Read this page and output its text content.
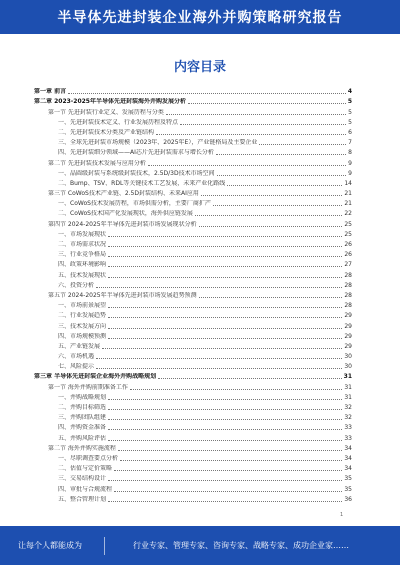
半导体先进封装企业海外并购策略研究报告
内容目录
第一章 前言	4
第二章 2023-2025年半导体先进封装海外并购发展分析	5
第一节 先进封装行业定义、发展历程与分类	5
一、先进封装技术定义、行业发展历程及特点	5
二、先进封装技术分类及产业链结构	6
三、全球先进封装市场规模（2023年、2025年E），产业链格局及主要企业	7
四、先进封装细分领域——AI芯片先进封装需求与增长分析	8
第二节 先进封装技术发展与应用分析	9
一、晶圆级封装与系统级封装技术，2.5D/3D技术市场空间	9
二、Bump、TSV、RDL等关键技术工艺发展，未来产业化路线	14
第三节 CoWoS技术产业链、2.5D封装结构、未来AI应用	21
一、CoWoS技术发展历程，市场供需分析，主要厂商扩产	21
二、CoWoS技术国产化发展现状，海外供应链发展	22
第四节 2024-2025年半导体先进封装市场发展现状分析	25
一、市场发展现状	25
二、市场需求状况	26
三、行业竞争格局	26
四、政策环境影响	27
五、技术发展现状	28
六、投资分析	28
第五节 2024-2025年半导体先进封装市场发展趋势预测	28
一、市场前景展望	28
二、行业发展趋势	29
三、技术发展方向	29
四、市场规模预测	29
五、产业链发展	29
六、市场机遇	30
七、风险提示	30
第三章 半导体先进封装企业海外并购战略规划	31
第一节 海外并购前期准备工作	31
一、并购战略规划	31
二、并购目标筛选	32
三、并购团队组建	32
四、并购资金准备	33
五、并购风险评估	33
第二节 海外并购实施流程	34
一、尽职调查要点分析	34
二、估值与定价策略	34
三、交易结构设计	35
四、审批与合规流程	35
五、整合管理计划	36
1
让每个人都能成为	行业专家、管理专家、咨询专家、战略专家、成功企业家……
